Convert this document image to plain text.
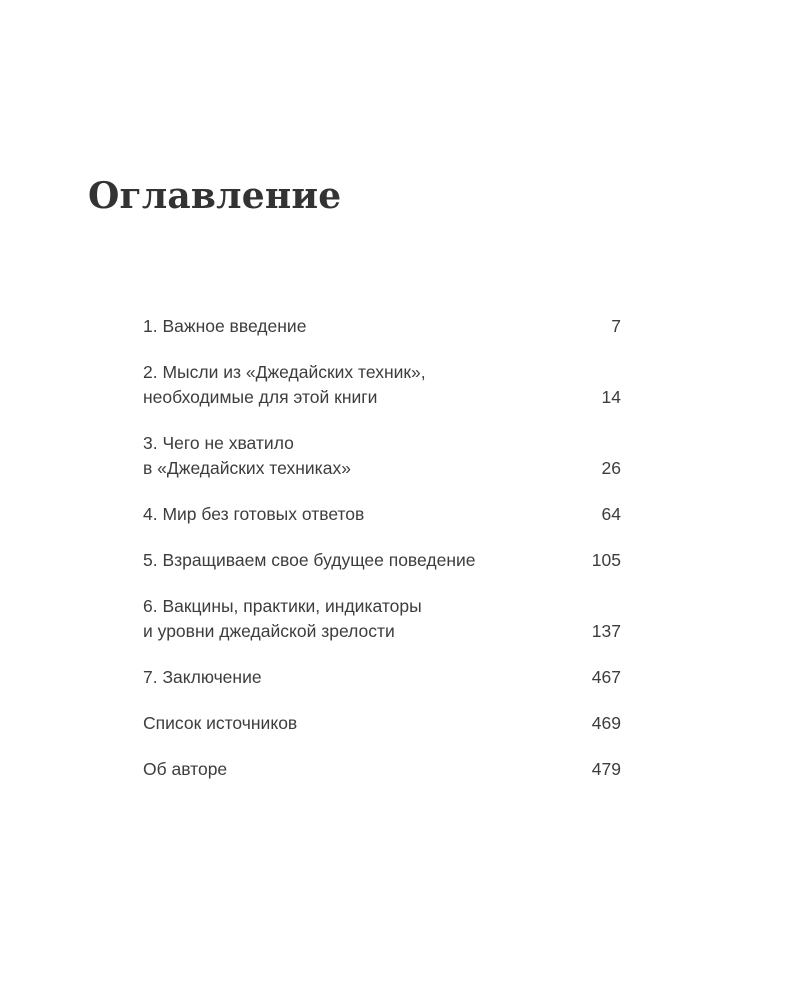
Оглавление
1. Важное введение	7
2. Мысли из «Джедайских техник»,
необходимые для этой книги	14
3. Чего не хватило
в «Джедайских техниках»	26
4. Мир без готовых ответов	64
5. Взращиваем свое будущее поведение	105
6. Вакцины, практики, индикаторы
и уровни джедайской зрелости	137
7. Заключение	467
Список источников	469
Об авторе	479
